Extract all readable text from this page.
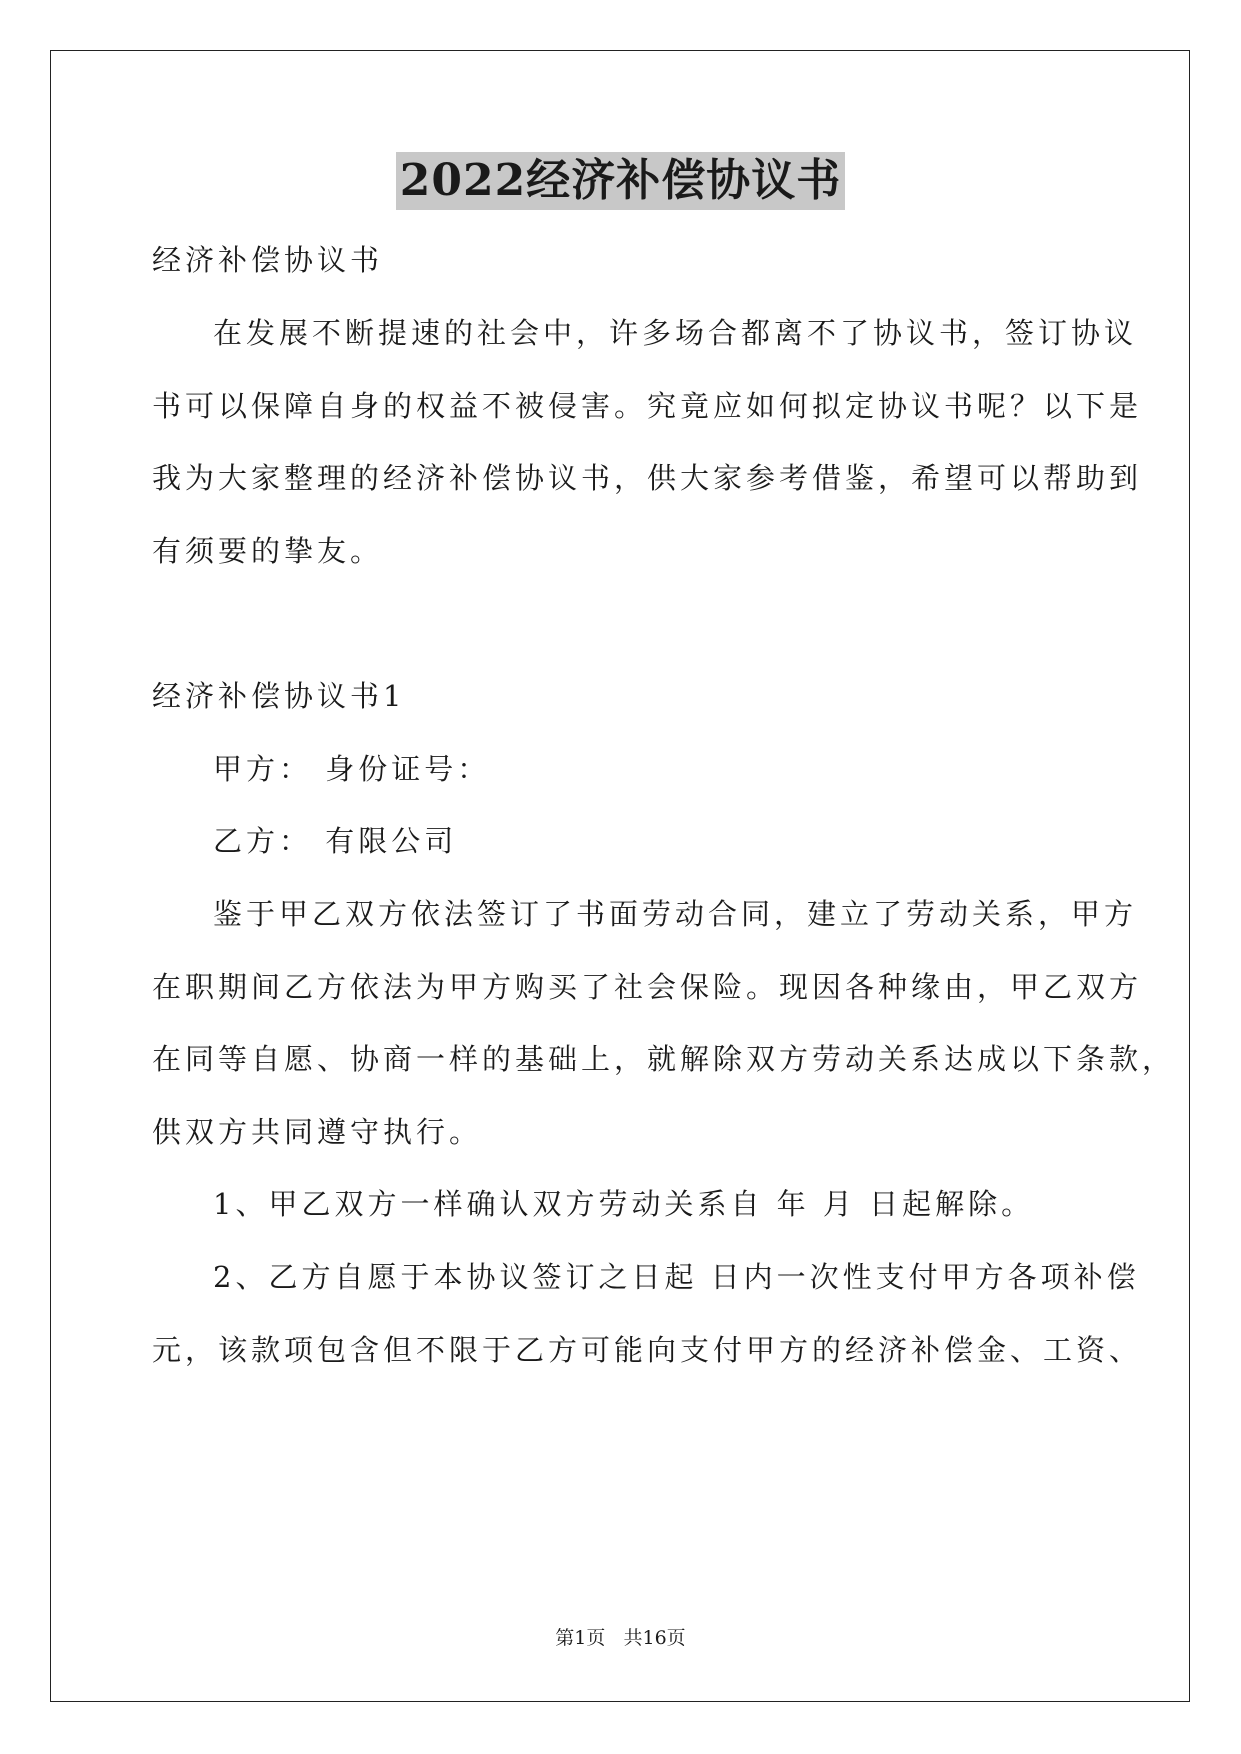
2022经济补偿协议书
经济补偿协议书
在发展不断提速的社会中，许多场合都离不了协议书，签订协议
书可以保障自身的权益不被侵害。究竟应如何拟定协议书呢？以下是
我为大家整理的经济补偿协议书，供大家参考借鉴，希望可以帮助到
有须要的挚友。
经济补偿协议书1
甲方： 身份证号：
乙方： 有限公司
鉴于甲乙双方依法签订了书面劳动合同，建立了劳动关系，甲方
在职期间乙方依法为甲方购买了社会保险。现因各种缘由，甲乙双方
在同等自愿、协商一样的基础上，就解除双方劳动关系达成以下条款，
供双方共同遵守执行。
1、甲乙双方一样确认双方劳动关系自 年 月 日起解除。
2、乙方自愿于本协议签订之日起 日内一次性支付甲方各项补偿
元，该款项包含但不限于乙方可能向支付甲方的经济补偿金、工资、
第1页   共16页
